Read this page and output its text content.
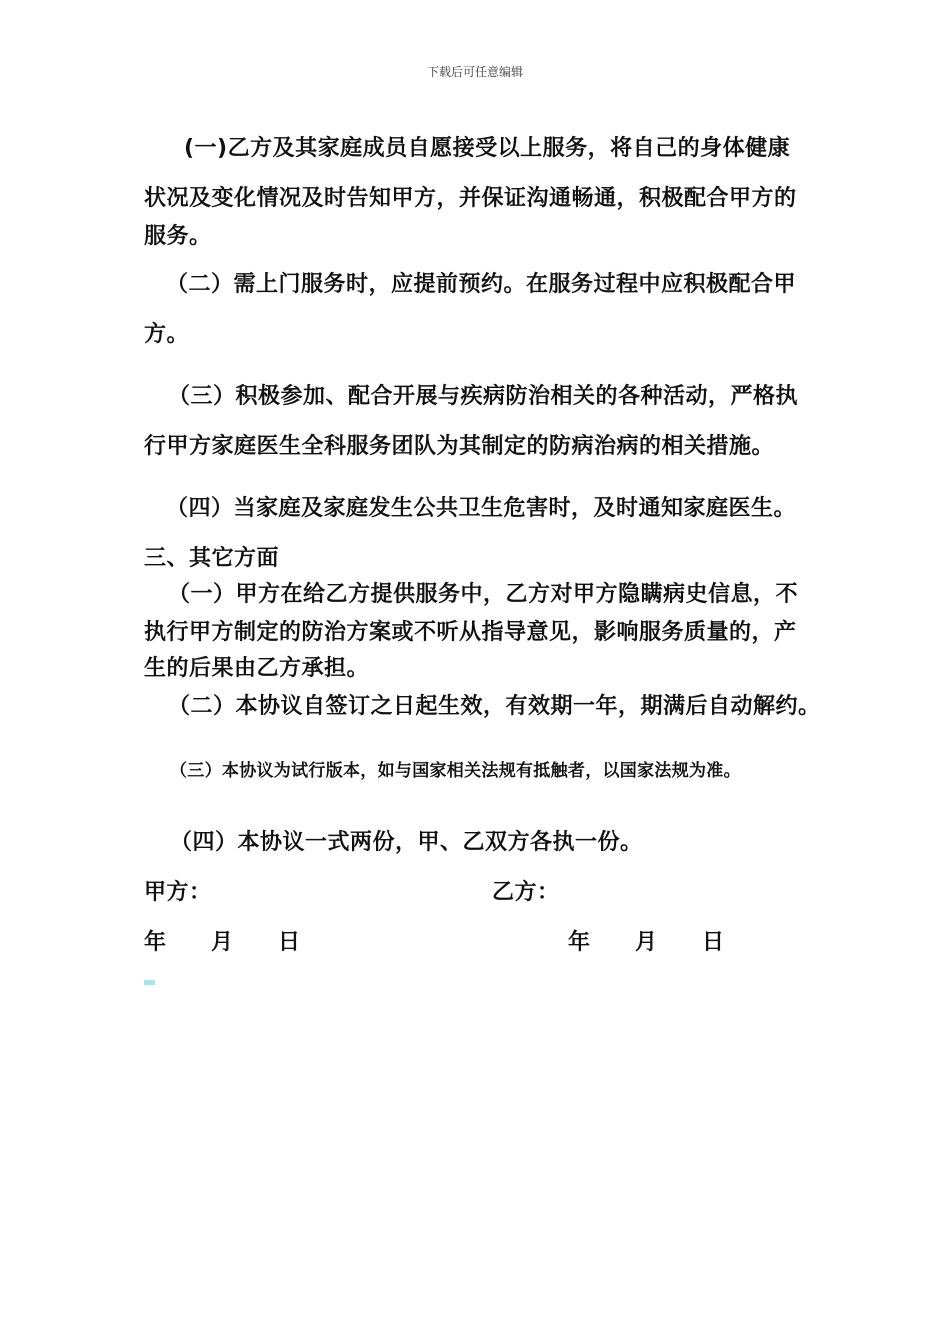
下载后可任意编辑
(一)乙方及其家庭成员自愿接受以上服务，将自己的身体健康
状况及变化情况及时告知甲方，并保证沟通畅通，积极配合甲方的
服务。
（二）需上门服务时，应提前预约。在服务过程中应积极配合甲
方。
（三）积极参加、配合开展与疾病防治相关的各种活动，严格执
行甲方家庭医生全科服务团队为其制定的防病治病的相关措施。
（四）当家庭及家庭发生公共卫生危害时，及时通知家庭医生。
三、其它方面
（一）甲方在给乙方提供服务中，乙方对甲方隐瞒病史信息，不
执行甲方制定的防治方案或不听从指导意见，影响服务质量的，产
生的后果由乙方承担。
（二）本协议自签订之日起生效，有效期一年，期满后自动解约。
（三）本协议为试行版本，如与国家相关法规有抵触者，以国家法规为准。
（四）本协议一式两份，甲、乙双方各执一份。
甲方：	乙方：
年 月 日	年 月 日
